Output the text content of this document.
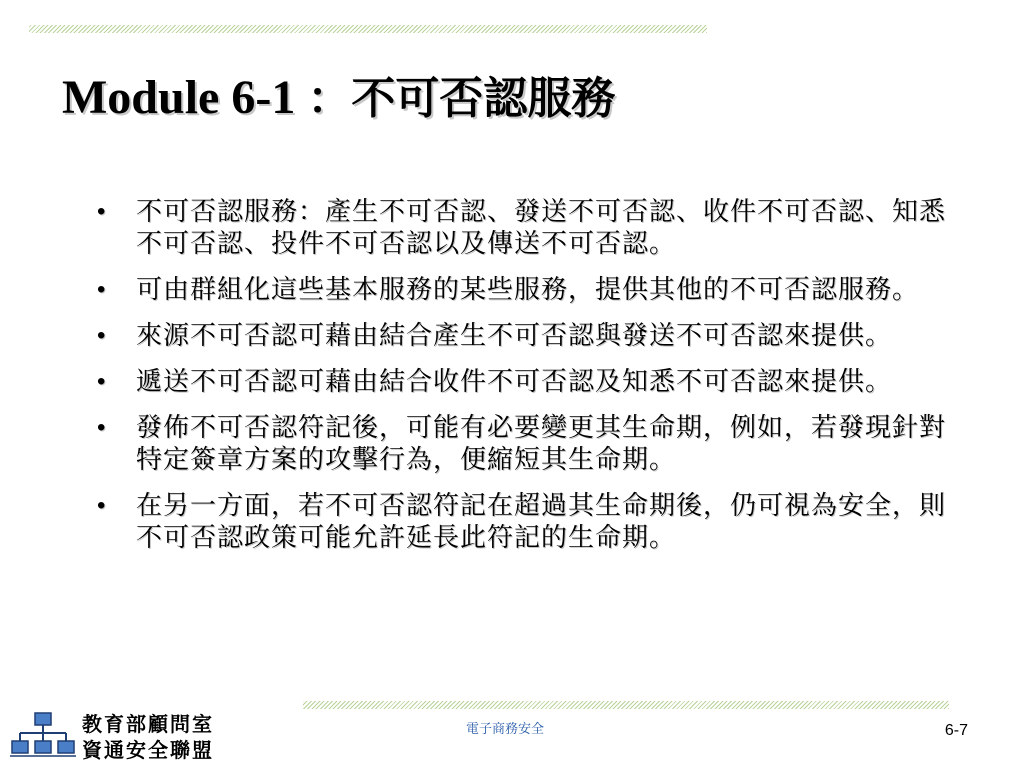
Module 6-1 ：不可否認服務
• 不可否認服務：產生不可否認、發送不可否認、收件不可否認、知悉不可否認、投件不可否認以及傳送不可否認。
• 可由群組化這些基本服務的某些服務，提供其他的不可否認服務。
• 來源不可否認可藉由結合產生不可否認與發送不可否認來提供。
• 遞送不可否認可藉由結合收件不可否認及知悉不可否認來提供。
• 發佈不可否認符記後，可能有必要變更其生命期，例如，若發現針對特定簽章方案的攻擊行為，便縮短其生命期。
• 在另一方面，若不可否認符記在超過其生命期後，仍可視為安全，則不可否認政策可能允許延長此符記的生命期。
教育部顧問室
資通安全聯盟
電子商務安全	6-7
